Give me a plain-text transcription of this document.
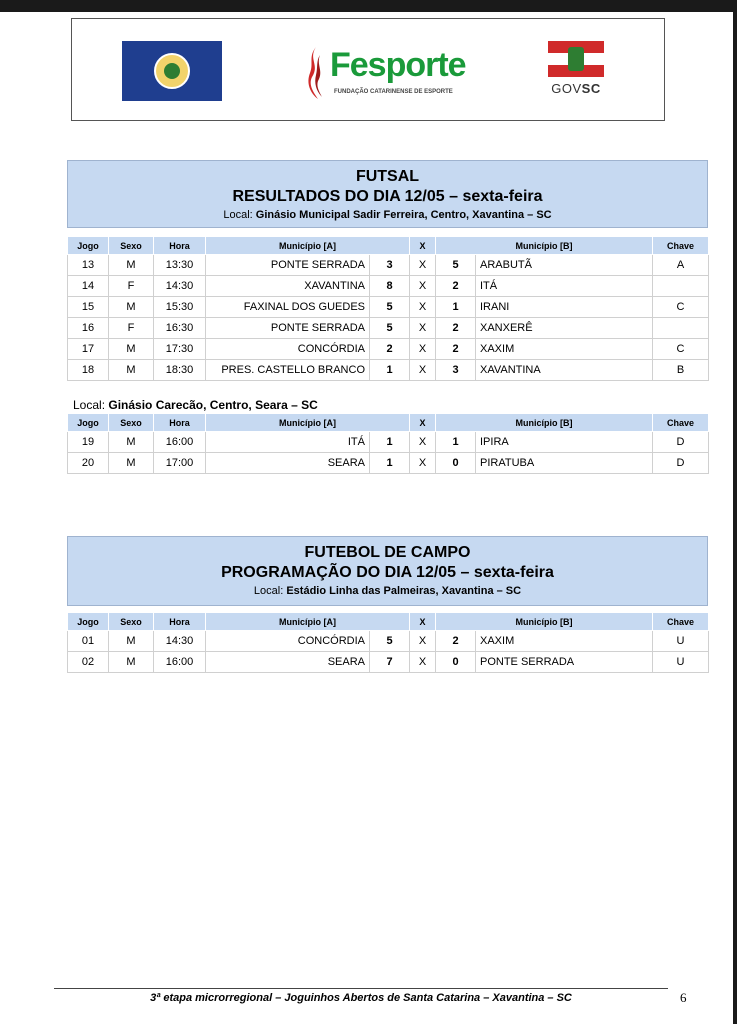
Fesporte
FUNDAÇÃO CATARINENSE DE ESPORTE	GOVSC
FUTSAL
RESULTADOS DO DIA 12/05 – sexta-feira
Local: Ginásio Municipal Sadir Ferreira, Centro, Xavantina – SC
Jogo	Sexo	Hora	Município [A]		X	Município [B]		Chave
13	M	13:30	PONTE SERRADA	3	X	5	ARABUTÃ	A
14	F	14:30	XAVANTINA	8	X	2	ITÁ	
15	M	15:30	FAXINAL DOS GUEDES	5	X	1	IRANI	C
16	F	16:30	PONTE SERRADA	5	X	2	XANXERÊ	
17	M	17:30	CONCÓRDIA	2	X	2	XAXIM	C
18	M	18:30	PRES. CASTELLO BRANCO	1	X	3	XAVANTINA	B
Local: Ginásio Carecão, Centro, Seara – SC
Jogo	Sexo	Hora	Município [A]		X	Município [B]		Chave
19	M	16:00	ITÁ	1	X	1	IPIRA	D
20	M	17:00	SEARA	1	X	0	PIRATUBA	D
FUTEBOL DE CAMPO
PROGRAMAÇÃO DO DIA 12/05 – sexta-feira
Local: Estádio Linha das Palmeiras, Xavantina – SC
Jogo	Sexo	Hora	Município [A]		X	Município [B]		Chave
01	M	14:30	CONCÓRDIA	5	X	2	XAXIM	U
02	M	16:00	SEARA	7	X	0	PONTE SERRADA	U
3ª etapa microrregional – Joguinhos Abertos de Santa Catarina – Xavantina – SC	6
